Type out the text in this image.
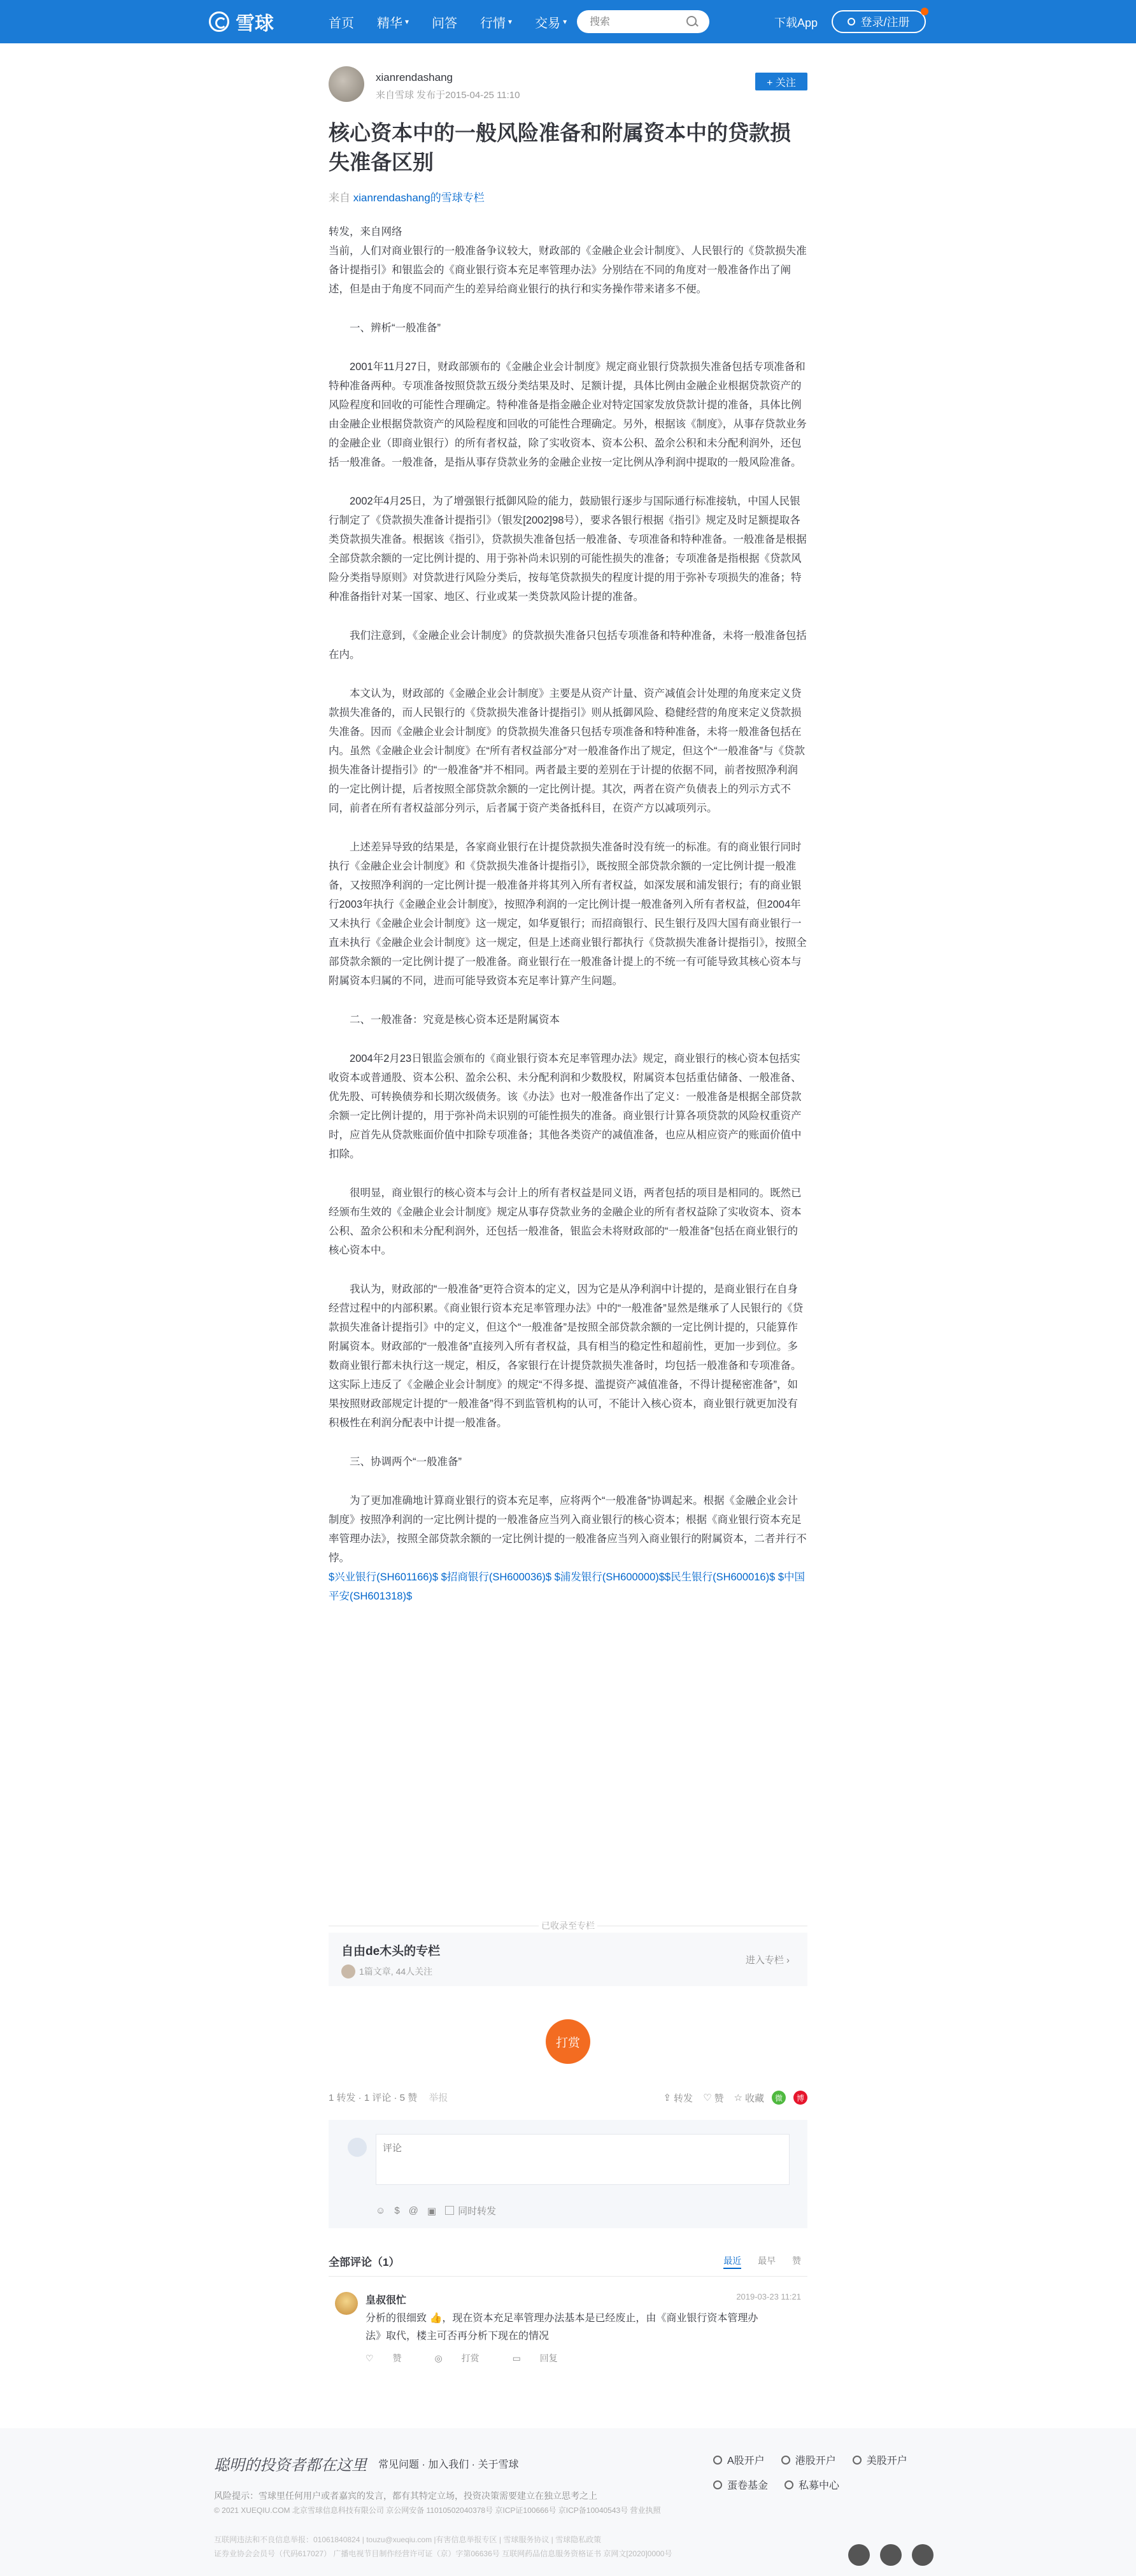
雪球	首页 精华 ▾ 问答 行情 ▾ 交易 ▾
搜索	下载App	登录/注册
xianrendashang
来自雪球 发布于2015-04-25 11:10
+ 关注
核心资本中的一般风险准备和附属资本中的贷款损失准备区别
来自 xianrendashang的雪球专栏

转发，来自网络

当前，人们对商业银行的一般准备争议较大，财政部的《金融企业会计制度》、人民银行的《贷款损失准备计提指引》和银监会的《商业银行资本充足率管理办法》分别结在不同的角度对一般准备作出了阐述，但是由于角度不同而产生的差异给商业银行的执行和实务操作带来诸多不便。

一、辨析“一般准备”

2001年11月27日，财政部颁布的《金融企业会计制度》规定商业银行贷款损失准备包括专项准备和特种准备两种。专项准备按照贷款五级分类结果及时、足额计提，具体比例由金融企业根据贷款资产的风险程度和回收的可能性合理确定。特种准备是指金融企业对特定国家发放贷款计提的准备，具体比例由金融企业根据贷款资产的风险程度和回收的可能性合理确定。另外，根据该《制度》，从事存贷款业务的金融企业（即商业银行）的所有者权益，除了实收资本、资本公积、盈余公积和未分配利润外，还包括一般准备。一般准备，是指从事存贷款业务的金融企业按一定比例从净利润中提取的一般风险准备。

2002年4月25日，为了增强银行抵御风险的能力，鼓励银行逐步与国际通行标准接轨，中国人民银行制定了《贷款损失准备计提指引》（银发[2002]98号），要求各银行根据《指引》规定及时足额提取各类贷款损失准备。根据该《指引》，贷款损失准备包括一般准备、专项准备和特种准备。一般准备是根据全部贷款余额的一定比例计提的、用于弥补尚未识别的可能性损失的准备；专项准备是指根据《贷款风险分类指导原则》对贷款进行风险分类后，按每笔贷款损失的程度计提的用于弥补专项损失的准备；特种准备指针对某一国家、地区、行业或某一类贷款风险计提的准备。

我们注意到，《金融企业会计制度》的贷款损失准备只包括专项准备和特种准备，未将一般准备包括在内。

本文认为，财政部的《金融企业会计制度》主要是从资产计量、资产减值会计处理的角度来定义贷款损失准备的，而人民银行的《贷款损失准备计提指引》则从抵御风险、稳健经营的角度来定义贷款损失准备。因而《金融企业会计制度》的贷款损失准备只包括专项准备和特种准备，未将一般准备包括在内。虽然《金融企业会计制度》在“所有者权益部分”对一般准备作出了规定，但这个“一般准备”与《贷款损失准备计提指引》的“一般准备”并不相同。两者最主要的差别在于计提的依据不同，前者按照净利润的一定比例计提，后者按照全部贷款余额的一定比例计提。其次，两者在资产负债表上的列示方式不同，前者在所有者权益部分列示，后者属于资产类备抵科目，在资产方以减项列示。

上述差异导致的结果是，各家商业银行在计提贷款损失准备时没有统一的标准。有的商业银行同时执行《金融企业会计制度》和《贷款损失准备计提指引》，既按照全部贷款余额的一定比例计提一般准备，又按照净利润的一定比例计提一般准备并将其列入所有者权益，如深发展和浦发银行；有的商业银行2003年执行《金融企业会计制度》，按照净利润的一定比例计提一般准备列入所有者权益，但2004年又未执行《金融企业会计制度》这一规定，如华夏银行；而招商银行、民生银行及四大国有商业银行一直未执行《金融企业会计制度》这一规定，但是上述商业银行都执行《贷款损失准备计提指引》，按照全部贷款余额的一定比例计提了一般准备。商业银行在一般准备计提上的不统一有可能导致其核心资本与附属资本归属的不同，进而可能导致资本充足率计算产生问题。

二、一般准备：究竟是核心资本还是附属资本

2004年2月23日银监会颁布的《商业银行资本充足率管理办法》规定，商业银行的核心资本包括实收资本或普通股、资本公积、盈余公积、未分配利润和少数股权，附属资本包括重估储备、一般准备、优先股、可转换债券和长期次级债务。该《办法》也对一般准备作出了定义：一般准备是根据全部贷款余额一定比例计提的，用于弥补尚未识别的可能性损失的准备。商业银行计算各项贷款的风险权重资产时，应首先从贷款账面价值中扣除专项准备；其他各类资产的减值准备，也应从相应资产的账面价值中扣除。

很明显，商业银行的核心资本与会计上的所有者权益是同义语，两者包括的项目是相同的。既然已经颁布生效的《金融企业会计制度》规定从事存贷款业务的金融企业的所有者权益除了实收资本、资本公积、盈余公积和未分配利润外，还包括一般准备，银监会未将财政部的“一般准备”包括在商业银行的核心资本中。

我认为，财政部的“一般准备”更符合资本的定义，因为它是从净利润中计提的，是商业银行在自身经营过程中的内部积累。《商业银行资本充足率管理办法》中的“一般准备”显然是继承了人民银行的《贷款损失准备计提指引》中的定义，但这个“一般准备”是按照全部贷款余额的一定比例计提的，只能算作附属资本。财政部的“一般准备”直接列入所有者权益，具有相当的稳定性和超前性，更加一步到位。多数商业银行都未执行这一规定，相反，各家银行在计提贷款损失准备时，均包括一般准备和专项准备。这实际上违反了《金融企业会计制度》的规定“不得多提、滥提资产减值准备，不得计提秘密准备”，如果按照财政部规定计提的“一般准备”得不到监管机构的认可，不能计入核心资本，商业银行就更加没有积极性在利润分配表中计提一般准备。

三、协调两个“一般准备”

为了更加准确地计算商业银行的资本充足率，应将两个“一般准备”协调起来。根据《金融企业会计制度》按照净利润的一定比例计提的一般准备应当列入商业银行的核心资本；根据《商业银行资本充足率管理办法》，按照全部贷款余额的一定比例计提的一般准备应当列入商业银行的附属资本，二者并行不悖。

$兴业银行(SH601166)$ $招商银行(SH600036)$ $浦发银行(SH600000)$$民生银行(SH600016)$ $中国平安(SH601318)$

已收录至专栏
自由de木头的专栏
1篇文章, 44人关注
进入专栏 ›
打赏
1 转发 · 1 评论 · 5 赞 举报	⇪ 转发 ♡ 赞 ☆ 收藏	微	博
评论
☺ $ @ ▣	同时转发
全部评论（1）	最近 最早 赞
皇叔很忙	2019-03-23 11:21
分析的很细致 👍，现在资本充足率管理办法基本是已经废止，由《商业银行资本管理办法》取代，楼主可否再分析下现在的情况
♡ 赞	◎ 打赏	▭ 回复
聪明的投资者都在这里 常见问题 · 加入我们 · 关于雪球
风险提示：雪球里任何用户或者嘉宾的发言，都有其特定立场，投资决策需要建立在独立思考之上
© 2021 XUEQIU.COM 北京雪球信息科技有限公司 京公网安备 11010502040378号 京ICP证100666号 京ICP备10040543号 营业执照
互联网违法和不良信息举报：01061840824 | touzu@xueqiu.com |有害信息举报专区 | 雪球服务协议 | 雪球隐私政策
证券业协会会员号（代码617027） 广播电视节目制作经营许可证（京）字第06636号 互联网药品信息服务资格证书 京网文[2020]0000号
A股开户	港股开户	美股开户
蛋卷基金	私募中心
